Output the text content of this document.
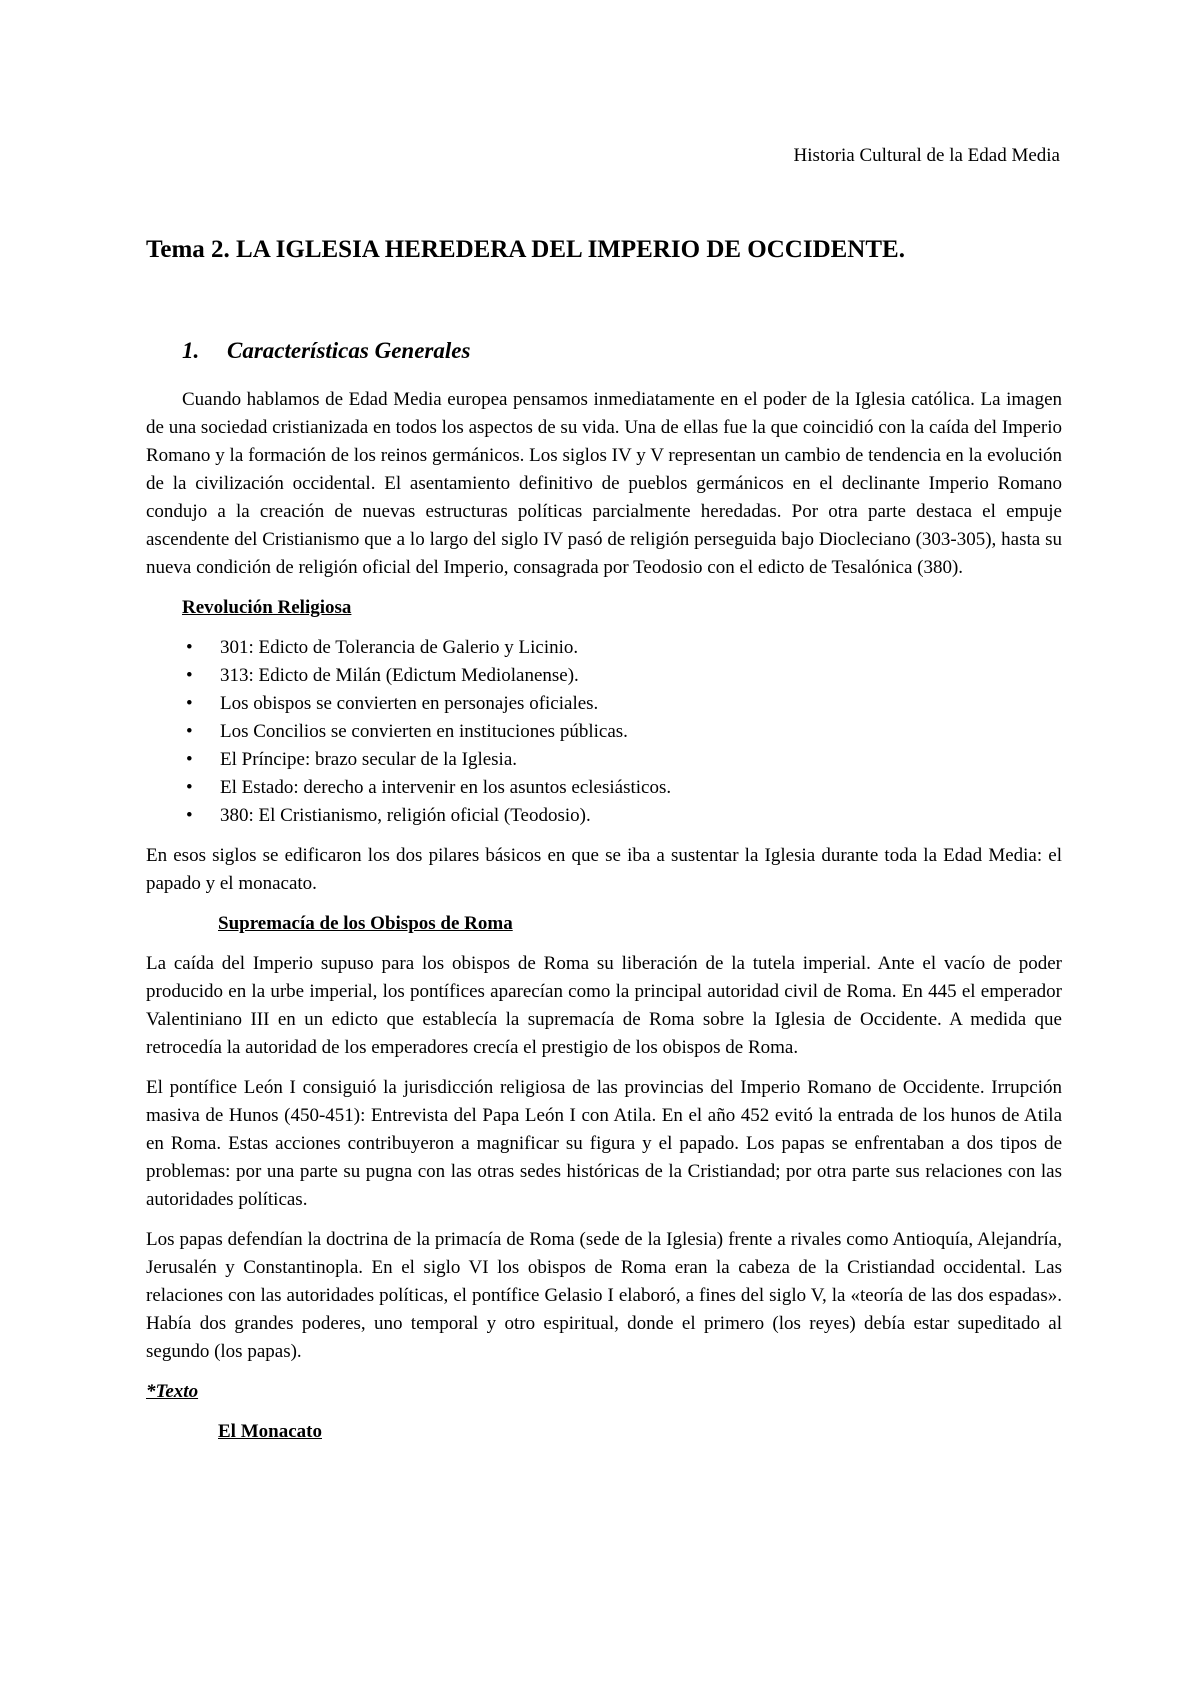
Historia Cultural de la Edad Media
Tema 2. LA IGLESIA HEREDERA DEL IMPERIO DE OCCIDENTE.
1. Características Generales

Cuando hablamos de Edad Media europea pensamos inmediatamente en el poder de la Iglesia católica. La imagen de una sociedad cristianizada en todos los aspectos de su vida. Una de ellas fue la que coincidió con la caída del Imperio Romano y la formación de los reinos germánicos. Los siglos IV y V representan un cambio de tendencia en la evolución de la civilización occidental. El asentamiento definitivo de pueblos germánicos en el declinante Imperio Romano condujo a la creación de nuevas estructuras políticas parcialmente heredadas. Por otra parte destaca el empuje ascendente del Cristianismo que a lo largo del siglo IV pasó de religión perseguida bajo Diocleciano (303-305), hasta su nueva condición de religión oficial del Imperio, consagrada por Teodosio con el edicto de Tesalónica (380).

Revolución Religiosa
• 301: Edicto de Tolerancia de Galerio y Licinio.
• 313: Edicto de Milán (Edictum Mediolanense).
• Los obispos se convierten en personajes oficiales.
• Los Concilios se convierten en instituciones públicas.
• El Príncipe: brazo secular de la Iglesia.
• El Estado: derecho a intervenir en los asuntos eclesiásticos.
• 380: El Cristianismo, religión oficial (Teodosio).

En esos siglos se edificaron los dos pilares básicos en que se iba a sustentar la Iglesia durante toda la Edad Media: el papado y el monacato.

Supremacía de los Obispos de Roma

La caída del Imperio supuso para los obispos de Roma su liberación de la tutela imperial. Ante el vacío de poder producido en la urbe imperial, los pontífices aparecían como la principal autoridad civil de Roma. En 445 el emperador Valentiniano III en un edicto que establecía la supremacía de Roma sobre la Iglesia de Occidente. A medida que retrocedía la autoridad de los emperadores crecía el prestigio de los obispos de Roma.

El pontífice León I consiguió la jurisdicción religiosa de las provincias del Imperio Romano de Occidente. Irrupción masiva de Hunos (450-451): Entrevista del Papa León I con Atila. En el año 452 evitó la entrada de los hunos de Atila en Roma. Estas acciones contribuyeron a magnificar su figura y el papado. Los papas se enfrentaban a dos tipos de problemas: por una parte su pugna con las otras sedes históricas de la Cristiandad; por otra parte sus relaciones con las autoridades políticas.

Los papas defendían la doctrina de la primacía de Roma (sede de la Iglesia) frente a rivales como Antioquía, Alejandría, Jerusalén y Constantinopla. En el siglo VI los obispos de Roma eran la cabeza de la Cristiandad occidental. Las relaciones con las autoridades políticas, el pontífice Gelasio I elaboró, a fines del siglo V, la «teoría de las dos espadas». Había dos grandes poderes, uno temporal y otro espiritual, donde el primero (los reyes) debía estar supeditado al segundo (los papas).

*Texto
El Monacato
